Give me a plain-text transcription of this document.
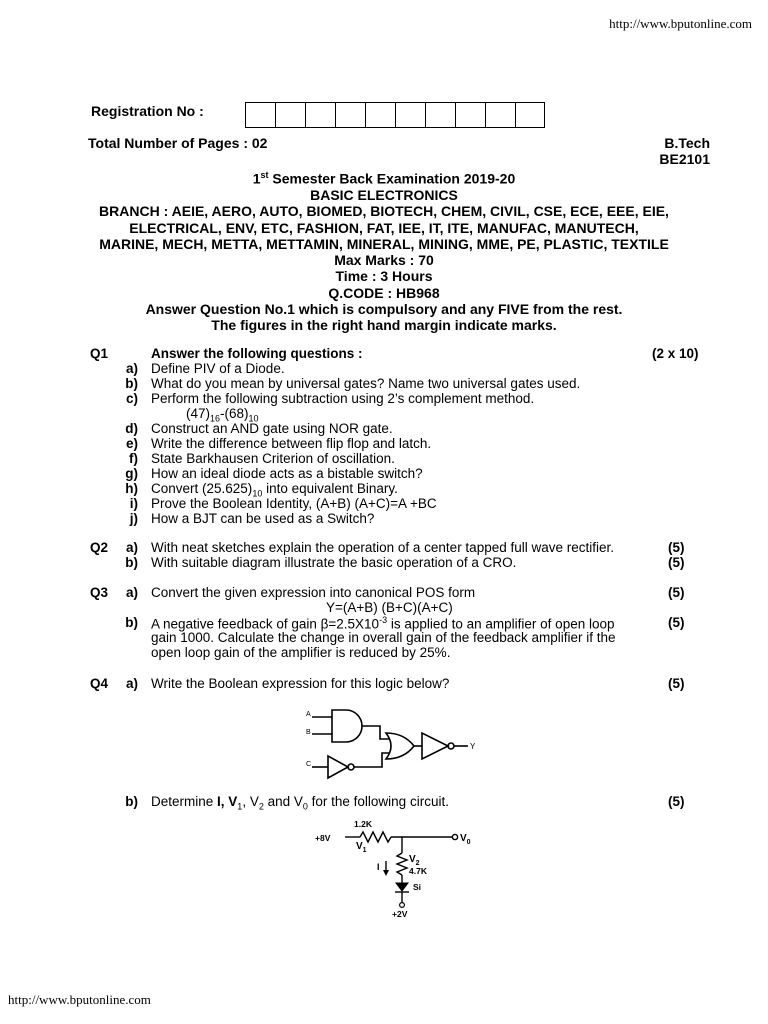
http://www.bputonline.com
Registration No :
Total Number of Pages : 02	B.Tech
BE2101
1st Semester Back Examination 2019-20
BASIC ELECTRONICS
BRANCH : AEIE, AERO, AUTO, BIOMED, BIOTECH, CHEM, CIVIL, CSE, ECE, EEE, EIE,
ELECTRICAL, ENV, ETC, FASHION, FAT, IEE, IT, ITE, MANUFAC, MANUTECH,
MARINE, MECH, METTA, METTAMIN, MINERAL, MINING, MME, PE, PLASTIC, TEXTILE
Max Marks : 70
Time : 3 Hours
Q.CODE : HB968
Answer Question No.1 which is compulsory and any FIVE from the rest.
The figures in the right hand margin indicate marks.
Q1	Answer the following questions :	(2 x 10)
a) Define PIV of a Diode.
b) What do you mean by universal gates? Name two universal gates used.
c) Perform the following subtraction using 2’s complement method.
$(47)_{16}-(68)_{10}$
d) Construct an AND gate using NOR gate.
e) Write the difference between flip flop and latch.
f) State Barkhausen Criterion of oscillation.
g) How an ideal diode acts as a bistable switch?
h) Convert $(25.625)_{10}$ into equivalent Binary.
i) Prove the Boolean Identity, (A+B) (A+C)=A +BC
j) How a BJT can be used as a Switch?
Q2 a) With neat sketches explain the operation of a center tapped full wave rectifier.	(5)
b) With suitable diagram illustrate the basic operation of a CRO.	(5)
Q3 a) Convert the given expression into canonical POS form	(5)
Y=(A+B) (B+C)(A+C)
b) A negative feedback of gain $\beta=2.5X10^{-3}$ is applied to an amplifier of open loop	(5)
gain 1000. Calculate the change in overall gain of the feedback amplifier if the
open loop gain of the amplifier is reduced by 25%.
Q4 a) Write the Boolean expression for this logic below?	(5)
A
B
C
Y
b) Determine I, $V_1$, $V_2$ and $V_0$ for the following circuit.	(5)
1.2K
+8V
$V_1$
$V_0$
I
$V_2$
4.7K
Si
+2V
http://www.bputonline.com
